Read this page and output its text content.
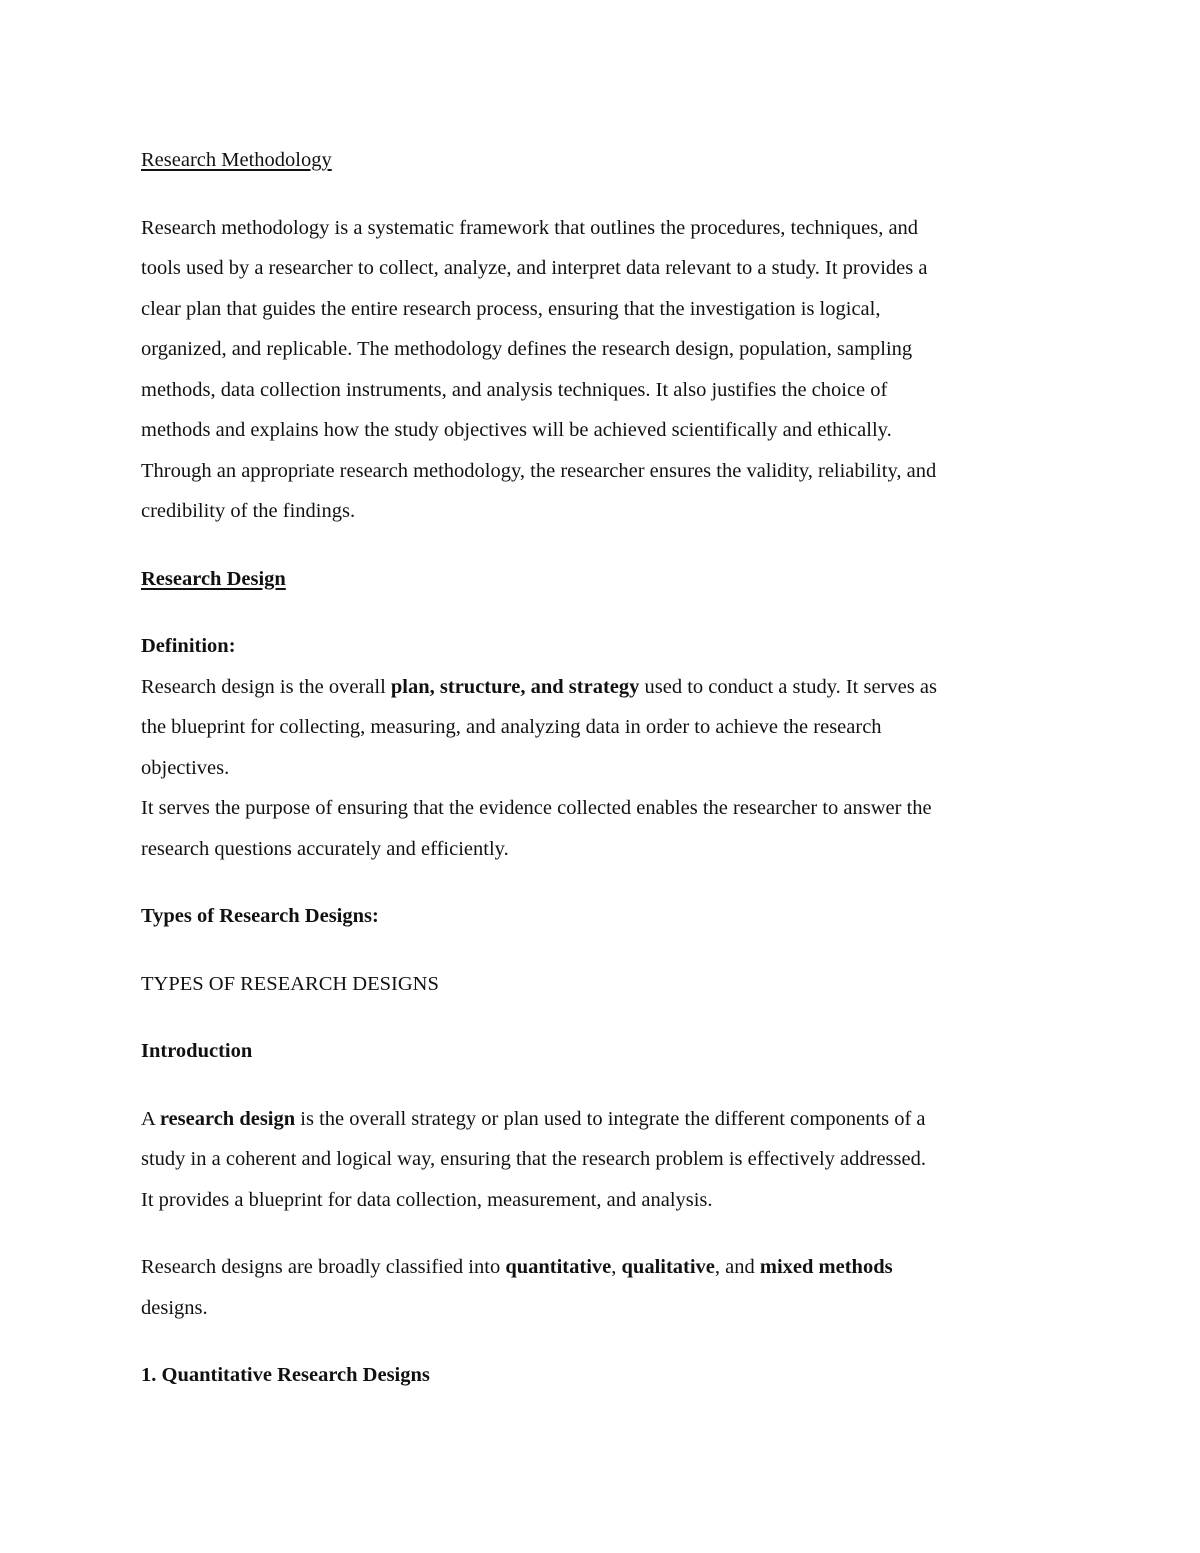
Research Methodology
Research methodology is a systematic framework that outlines the procedures, techniques, and
tools used by a researcher to collect, analyze, and interpret data relevant to a study. It provides a
clear plan that guides the entire research process, ensuring that the investigation is logical,
organized, and replicable. The methodology defines the research design, population, sampling
methods, data collection instruments, and analysis techniques. It also justifies the choice of
methods and explains how the study objectives will be achieved scientifically and ethically.
Through an appropriate research methodology, the researcher ensures the validity, reliability, and
credibility of the findings.
Research Design
Definition:
Research design is the overall plan, structure, and strategy used to conduct a study. It serves as
the blueprint for collecting, measuring, and analyzing data in order to achieve the research
objectives.
It serves the purpose of ensuring that the evidence collected enables the researcher to answer the
research questions accurately and efficiently.
Types of Research Designs:
TYPES OF RESEARCH DESIGNS
Introduction
A research design is the overall strategy or plan used to integrate the different components of a
study in a coherent and logical way, ensuring that the research problem is effectively addressed.
It provides a blueprint for data collection, measurement, and analysis.
Research designs are broadly classified into quantitative, qualitative, and mixed methods
designs.
1. Quantitative Research Designs
